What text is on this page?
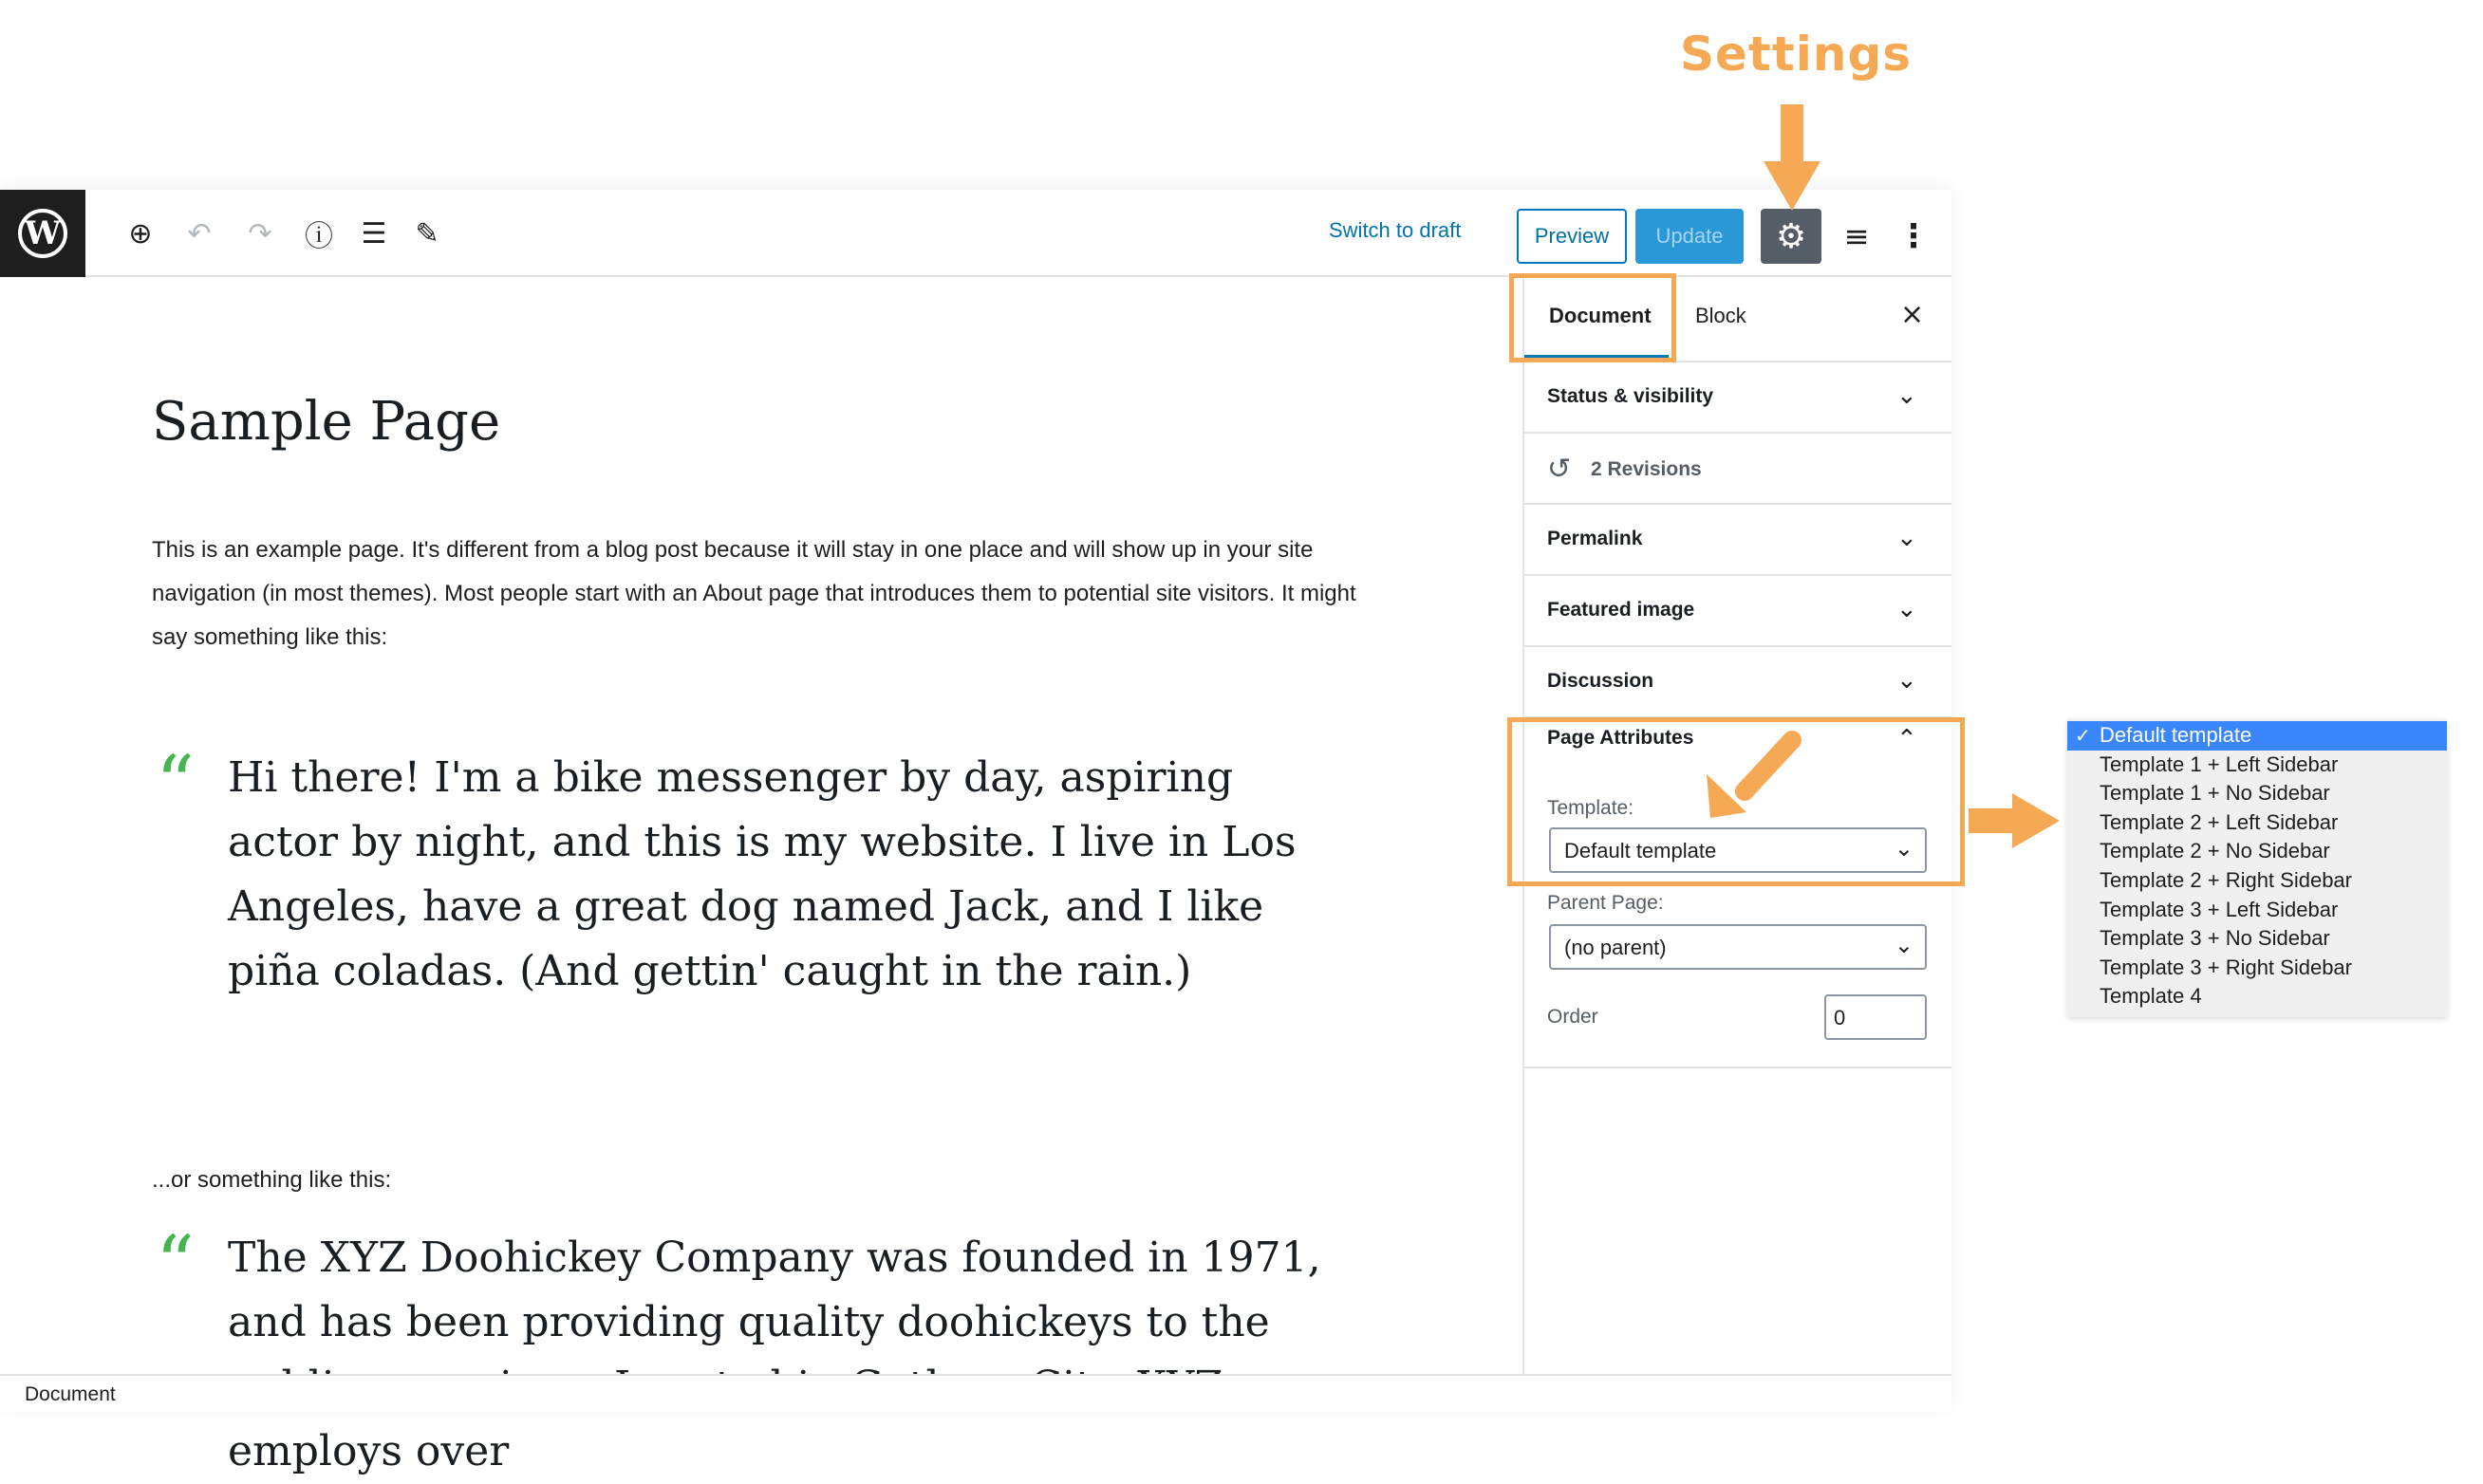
Settings
W ⊕ ↶ ↷ ⓘ ☰ ✎	Switch to draft	Preview	Update	⚙ ≡ ⋮
Sample Page
This is an example page. It's different from a blog post because it will stay in one place and will show up in your site navigation (in most themes). Most people start with an About page that introduces them to potential site visitors. It might say something like this:
“ Hi there! I'm a bike messenger by day, aspiring actor by night, and this is my website. I live in Los Angeles, have a great dog named Jack, and I like piña coladas. (And gettin' caught in the rain.)
...or something like this:
“ The XYZ Doohickey Company was founded in 1971, and has been providing quality doohickeys to the employs over
Document Block	×
Status & visibility	⌄
↺ 2 Revisions
Permalink	⌄
Featured image	⌄
Discussion	⌄
Page Attributes	⌃
Template:
Default template	⌄
Parent Page:
(no parent)	⌄
Order	0
Document
✓ Default template
Template 1 + Left Sidebar
Template 1 + No Sidebar
Template 2 + Left Sidebar
Template 2 + No Sidebar
Template 2 + Right Sidebar
Template 3 + Left Sidebar
Template 3 + No Sidebar
Template 3 + Right Sidebar
Template 4
